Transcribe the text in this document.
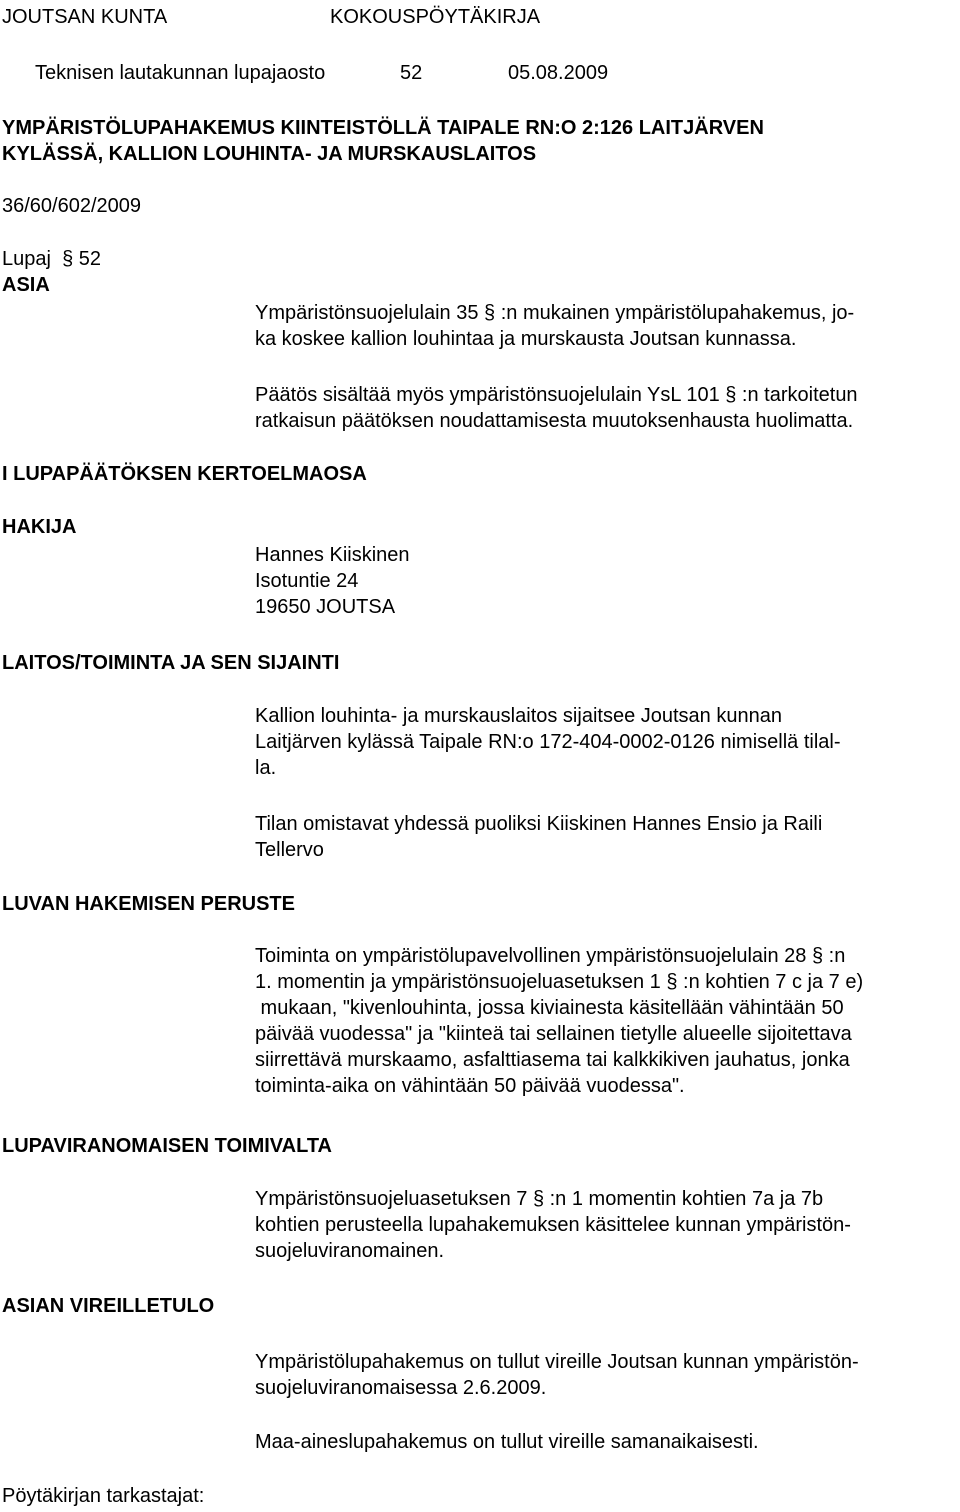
JOUTSAN KUNTA	KOKOUSPÖYTÄKIRJA
Teknisen lautakunnan lupajaosto	52	05.08.2009
YMPÄRISTÖLUPAHAKEMUS KIINTEISTÖLLÄ TAIPALE RN:O 2:126 LAITJÄRVEN
KYLÄSSÄ, KALLION LOUHINTA- JA MURSKAUSLAITOS
36/60/602/2009
Lupaj § 52
ASIA
Ympäristönsuojelulain 35 § :n mukainen ympäristölupahakemus, jo-
ka koskee kallion louhintaa ja murskausta Joutsan kunnassa.
Päätös sisältää myös ympäristönsuojelulain YsL 101 § :n tarkoitetun
ratkaisun päätöksen noudattamisesta muutoksenhausta huolimatta.
I LUPAPÄÄTÖKSEN KERTOELMAOSA
HAKIJA
Hannes Kiiskinen
Isotuntie 24
19650 JOUTSA
LAITOS/TOIMINTA JA SEN SIJAINTI
Kallion louhinta- ja murskauslaitos sijaitsee Joutsan kunnan
Laitjärven kylässä Taipale RN:o 172-404-0002-0126 nimisellä tilal-
la.
Tilan omistavat yhdessä puoliksi Kiiskinen Hannes Ensio ja Raili
Tellervo
LUVAN HAKEMISEN PERUSTE
Toiminta on ympäristölupavelvollinen ympäristönsuojelulain 28 § :n
1. momentin ja ympäristönsuojeluasetuksen 1 § :n kohtien 7 c ja 7 e)
mukaan, "kivenlouhinta, jossa kiviainesta käsitellään vähintään 50
päivää vuodessa" ja "kiinteä tai sellainen tietylle alueelle sijoitettava
siirrettävä murskaamo, asfalttiasema tai kalkkikiven jauhatus, jonka
toiminta-aika on vähintään 50 päivää vuodessa".
LUPAVIRANOMAISEN TOIMIVALTA
Ympäristönsuojeluasetuksen 7 § :n 1 momentin kohtien 7a ja 7b
kohtien perusteella lupahakemuksen käsittelee kunnan ympäristön-
suojeluviranomainen.
ASIAN VIREILLETULO
Ympäristölupahakemus on tullut vireille Joutsan kunnan ympäristön-
suojeluviranomaisessa 2.6.2009.
Maa-aineslupahakemus on tullut vireille samanaikaisesti.
Pöytäkirjan tarkastajat:
